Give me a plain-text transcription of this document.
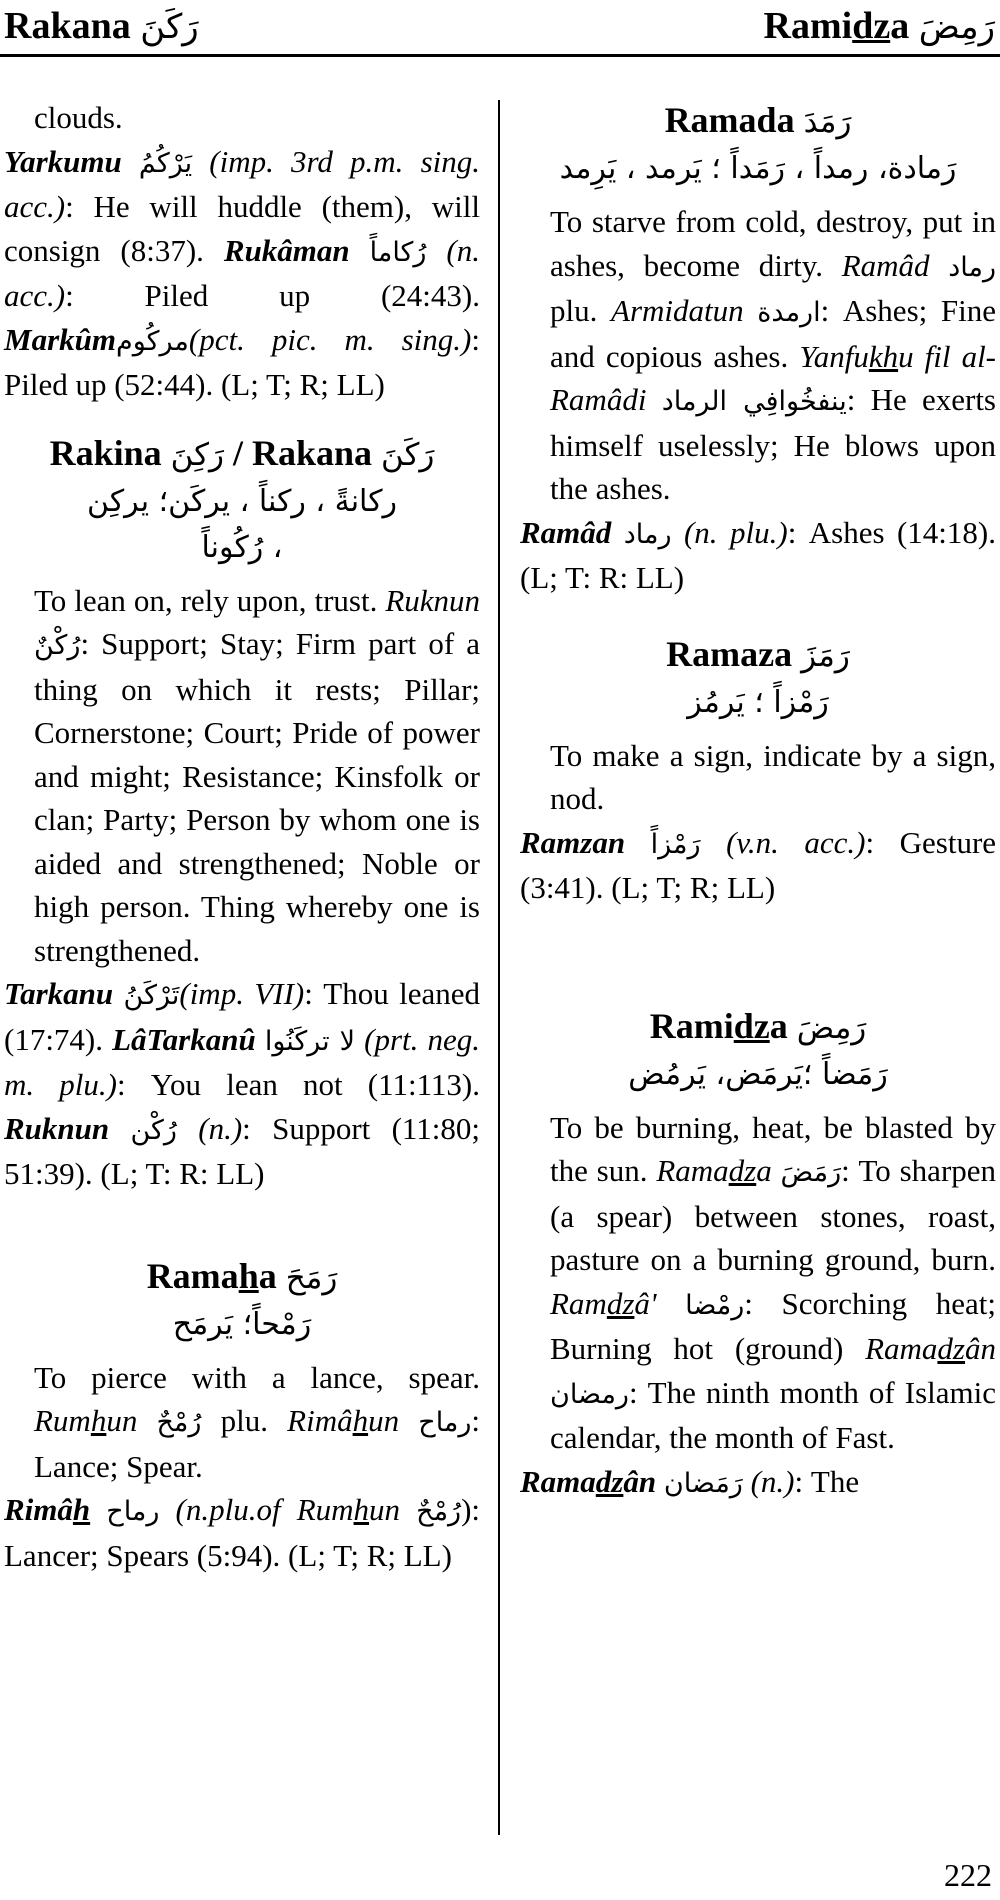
Rakana رَكَنَ	Ramidza رَمِضَ

clouds.

Yarkumu يَرْكُمُ (imp. 3rd p.m. sing. acc.): He will huddle (them), will consign (8:37). Rukâman رُكاماً (n. acc.): Piled up (24:43). Markûmمرکُوم(pct. pic. m. sing.): Piled up (52:44). (L; T; R; LL)

Rakina رَكِنَ / Rakana رَكَنَ

رکانةً ، رکناً ، یرکَن؛ یرکِن

رُکُوناً ،

To lean on, rely upon, trust. Ruknun رُكْنٌ: Support; Stay; Firm part of a thing on which it rests; Pillar; Cornerstone; Court; Pride of power and might; Resistance; Kinsfolk or clan; Party; Person by whom one is aided and strengthened; Noble or high person. Thing whereby one is strengthened.

Tarkanu تَرْكَنُ(imp. VII): Thou leaned (17:74). LâTarkanû لا تركَنُوا (prt. neg. m. plu.): You lean not (11:113). Ruknun رُکْن (n.): Support (11:80; 51:39). (L; T: R: LL)

Ramaha رَمَحَ

رَمْحاً؛ يَرمَح

To pierce with a lance, spear. Rumhun رُمْحٌ plu. Rimâhun رماح: Lance; Spear.

Rimâh رماح (n.plu.of Rumhun رُمْحٌ): Lancer; Spears (5:94). (L; T; R; LL)

Ramada رَمَدَ

رَمادة، رمداً ، رَمَداً ؛ يَرمد ، يَرِمد

To starve from cold, destroy, put in ashes, become dirty. Ramâd رماد plu. Armidatun ارمدة: Ashes; Fine and copious ashes. Yanfukhu fil al-Ramâdi ينفخُوافِي الرماد: He exerts himself uselessly; He blows upon the ashes.

Ramâd رماد (n. plu.): Ashes (14:18). (L; T: R: LL)

Ramaza رَمَزَ

رَمْزاً ؛ يَرمُز

To make a sign, indicate by a sign, nod.

Ramzan رَمْزاً (v.n. acc.): Gesture (3:41). (L; T; R; LL)

Ramidza رَمِضَ

رَمَضاً ؛يَرمَض، يَرمُض

To be burning, heat, be blasted by the sun. Ramadza رَمَضَ: To sharpen (a spear) between stones, roast, pasture on a burning ground, burn. Ramdzâ' رمْضا: Scorching heat; Burning hot (ground) Ramadzân رمضان: The ninth month of Islamic calendar, the month of Fast.

Ramadzân رَمَضان (n.): The

222
